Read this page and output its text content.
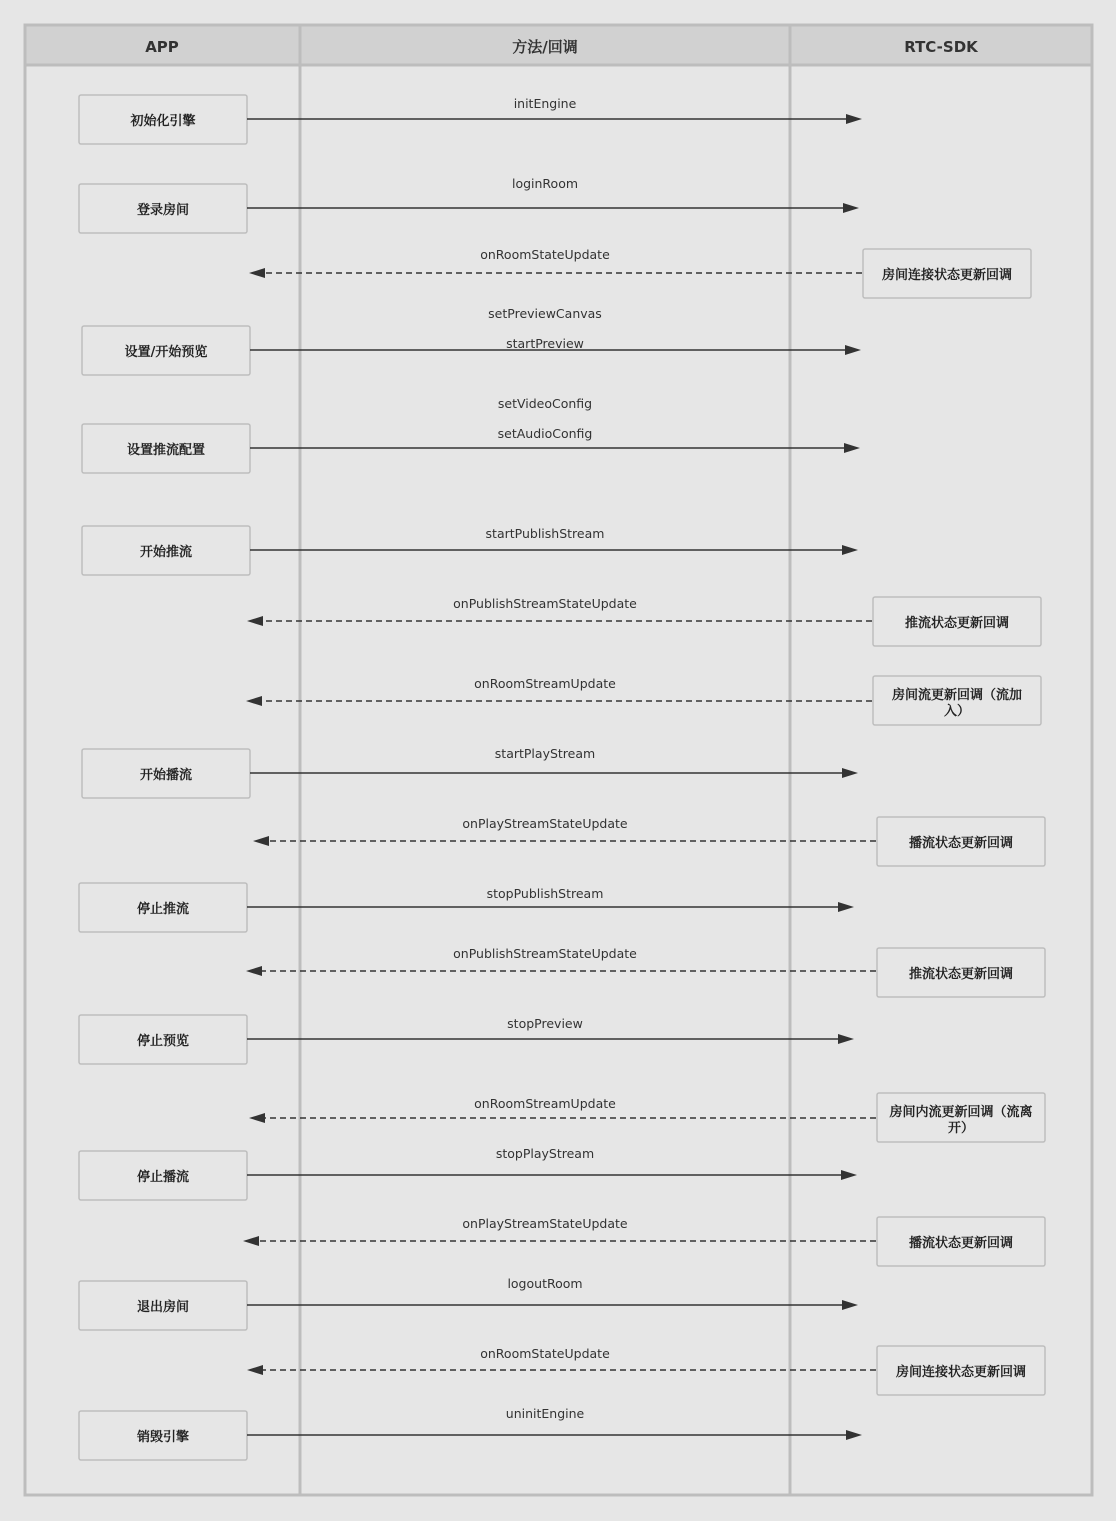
APP	方法/回调	RTC-SDK
初始化引擎
登录房间
设置/开始预览
设置推流配置
开始推流
开始播流
停止推流
停止预览
停止播流
退出房间
销毁引擎
房间连接状态更新回调
推流状态更新回调
房间流更新回调（流加
入）
播流状态更新回调
推流状态更新回调
房间内流更新回调（流离
开）
播流状态更新回调
房间连接状态更新回调
initEngine
loginRoom
onRoomStateUpdate
setPreviewCanvas
startPreview
setVideoConfig
setAudioConfig
startPublishStream
onPublishStreamStateUpdate
onRoomStreamUpdate
startPlayStream
onPlayStreamStateUpdate
stopPublishStream
onPublishStreamStateUpdate
stopPreview
onRoomStreamUpdate
stopPlayStream
onPlayStreamStateUpdate
logoutRoom
onRoomStateUpdate
uninitEngine
